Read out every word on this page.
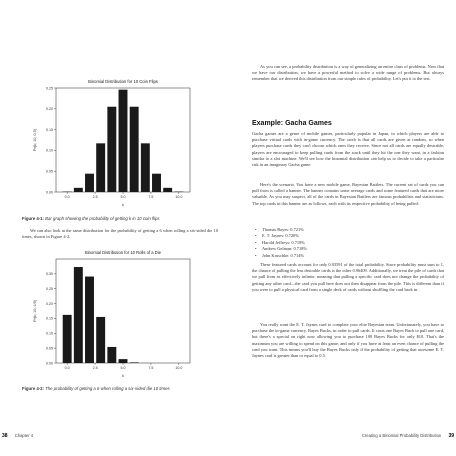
Binomial Distribution for 10 Coin Flips
0.00
0.05
0.10
0.15
0.20
0.25
0.0	2.5	5.0	7.5	10.0
k
Pr(k; 10, 0.5)
Figure 4-1: Bar graph showing the probability of getting k in 10 coin flips
We can also look at the same distribution for the probability of getting a 6 when rolling a six-sided die 10 times, shown in Figure 4-2.
Binomial Distribution for 10 Rolls of a Die
0.00
0.05
0.10
0.15
0.20
0.25
0.30
0.0	2.5	5.0	7.5	10.0
k
Pr(k; 10, 1/6)
Figure 4-2: The probability of getting a 6 when rolling a six-sided die 10 times
38 Chapter 4
As you can see, a probability distribution is a way of generalizing an entire class of problems. Now that we have our distribution, we have a powerful method to solve a wide range of problems. But always remember that we derived this distribution from our simple rules of probability. Let's put it to the test.
Example: Gacha Games
Gacha games are a genre of mobile games, particularly popular in Japan, in which players are able to purchase virtual cards with in-game currency. The catch is that all cards are given at random, so when players purchase cards they can't choose which ones they receive. Since not all cards are equally desirable, players are encouraged to keep pulling cards from the stack until they hit the one they want, in a fashion similar to a slot machine. We'll see how the binomial distribution can help us to decide to take a particular risk in an imaginary Gacha game.
Here's the scenario. You have a new mobile game, Bayesian Battlers. The current set of cards you can pull from is called a banner. The banner contains some average cards and some featured cards that are more valuable. As you may suspect, all of the cards in Bayesian Battlers are famous probabilists and statisticians. The top cards in this banner are as follows, each with its respective probability of being pulled:
• Thomas Bayes: 0.721%
• E. T. Jaynes: 0.720%
• Harold Jeffreys: 0.718%
• Andrew Gelman: 0.718%
• John Kruschke: 0.714%
These featured cards account for only 0.03591 of the total probability. Since probability must sum to 1, the chance of pulling the less desirable cards is the other 0.96409. Additionally, we treat the pile of cards that we pull from as effectively infinite, meaning that pulling a specific card does not change the probability of getting any other card—the card you pull here does not then disappear from the pile. This is different than if you were to pull a physical card from a single deck of cards without shuffling the card back in.
You really want the E. T. Jaynes card to complete your elite Bayesian team. Unfortunately, you have to purchase the in-game currency, Bayes Bucks, in order to pull cards. It costs one Bayes Buck to pull one card, but there's a special on right now allowing you to purchase 100 Bayes Bucks for only $10. That's the maximum you are willing to spend on this game, and only if you have at least an even chance of pulling the card you want. This means you'll buy the Bayes Bucks only if the probability of getting that awesome E. T. Jaynes card is greater than or equal to 0.5.
Creating a Binomial Probability Distribution 39
